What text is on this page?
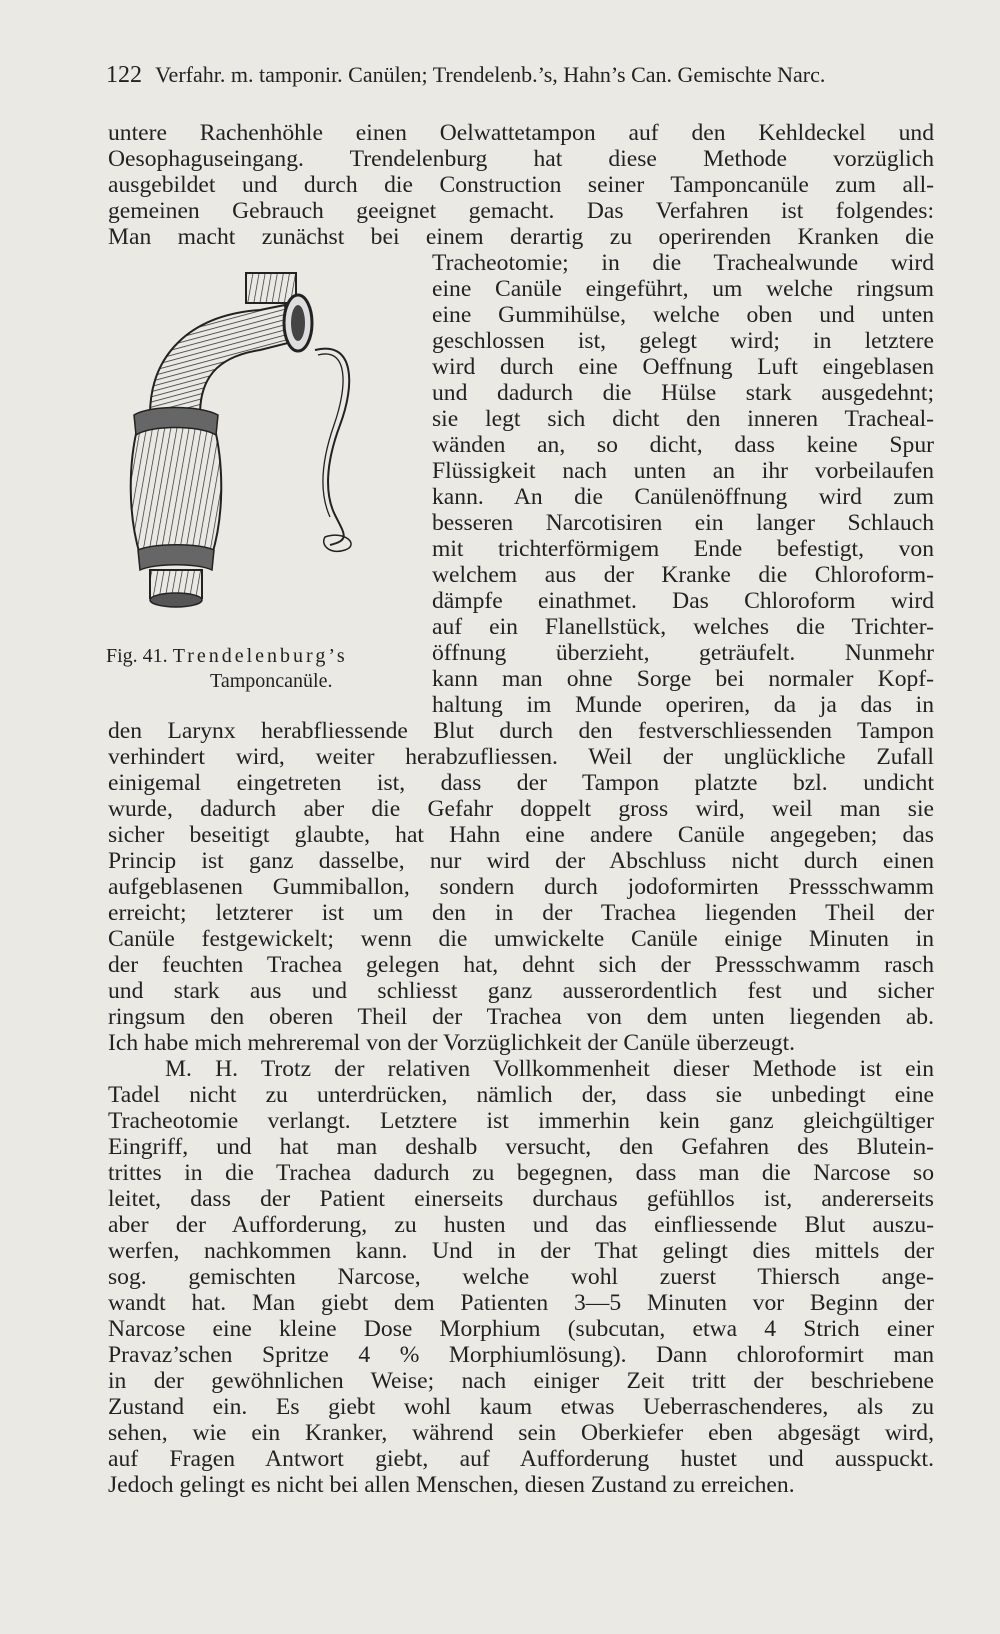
122 Verfahr. m. tamponir. Canülen; Trendelenb.’s, Hahn’s Can. Gemischte Narc.
untere Rachenhöhle einen Oelwattetampon auf den Kehldeckel und
Oesophaguseingang. Trendelenburg hat diese Methode vorzüglich
ausgebildet und durch die Construction seiner Tamponcanüle zum all-
gemeinen Gebrauch geeignet gemacht. Das Verfahren ist folgendes:
Man macht zunächst bei einem derartig zu operirenden Kranken die
Fig. 41. Trendelenburg’s
Tamponcanüle.
Tracheotomie; in die Trachealwunde wird
eine Canüle eingeführt, um welche ringsum
eine Gummihülse, welche oben und unten
geschlossen ist, gelegt wird; in letztere
wird durch eine Oeffnung Luft eingeblasen
und dadurch die Hülse stark ausgedehnt;
sie legt sich dicht den inneren Tracheal-
wänden an, so dicht, dass keine Spur
Flüssigkeit nach unten an ihr vorbeilaufen
kann. An die Canülenöffnung wird zum
besseren Narcotisiren ein langer Schlauch
mit trichterförmigem Ende befestigt, von
welchem aus der Kranke die Chloroform-
dämpfe einathmet. Das Chloroform wird
auf ein Flanellstück, welches die Trichter-
öffnung überzieht, geträufelt. Nunmehr
kann man ohne Sorge bei normaler Kopf-
haltung im Munde operiren, da ja das in
den Larynx herabfliessende Blut durch den festverschliessenden Tampon
verhindert wird, weiter herabzufliessen. Weil der unglückliche Zufall
einigemal eingetreten ist, dass der Tampon platzte bzl. undicht
wurde, dadurch aber die Gefahr doppelt gross wird, weil man sie
sicher beseitigt glaubte, hat Hahn eine andere Canüle angegeben; das
Princip ist ganz dasselbe, nur wird der Abschluss nicht durch einen
aufgeblasenen Gummiballon, sondern durch jodoformirten Pressschwamm
erreicht; letzterer ist um den in der Trachea liegenden Theil der
Canüle festgewickelt; wenn die umwickelte Canüle einige Minuten in
der feuchten Trachea gelegen hat, dehnt sich der Pressschwamm rasch
und stark aus und schliesst ganz ausserordentlich fest und sicher
ringsum den oberen Theil der Trachea von dem unten liegenden ab.
Ich habe mich mehreremal von der Vorzüglichkeit der Canüle überzeugt.
M. H. Trotz der relativen Vollkommenheit dieser Methode ist ein
Tadel nicht zu unterdrücken, nämlich der, dass sie unbedingt eine
Tracheotomie verlangt. Letztere ist immerhin kein ganz gleichgültiger
Eingriff, und hat man deshalb versucht, den Gefahren des Blutein-
trittes in die Trachea dadurch zu begegnen, dass man die Narcose so
leitet, dass der Patient einerseits durchaus gefühllos ist, andererseits
aber der Aufforderung, zu husten und das einfliessende Blut auszu-
werfen, nachkommen kann. Und in der That gelingt dies mittels der
sog. gemischten Narcose, welche wohl zuerst Thiersch ange-
wandt hat. Man giebt dem Patienten 3—5 Minuten vor Beginn der
Narcose eine kleine Dose Morphium (subcutan, etwa 4 Strich einer
Pravaz’schen Spritze 4 % Morphiumlösung). Dann chloroformirt man
in der gewöhnlichen Weise; nach einiger Zeit tritt der beschriebene
Zustand ein. Es giebt wohl kaum etwas Ueberraschenderes, als zu
sehen, wie ein Kranker, während sein Oberkiefer eben abgesägt wird,
auf Fragen Antwort giebt, auf Aufforderung hustet und ausspuckt.
Jedoch gelingt es nicht bei allen Menschen, diesen Zustand zu erreichen.
